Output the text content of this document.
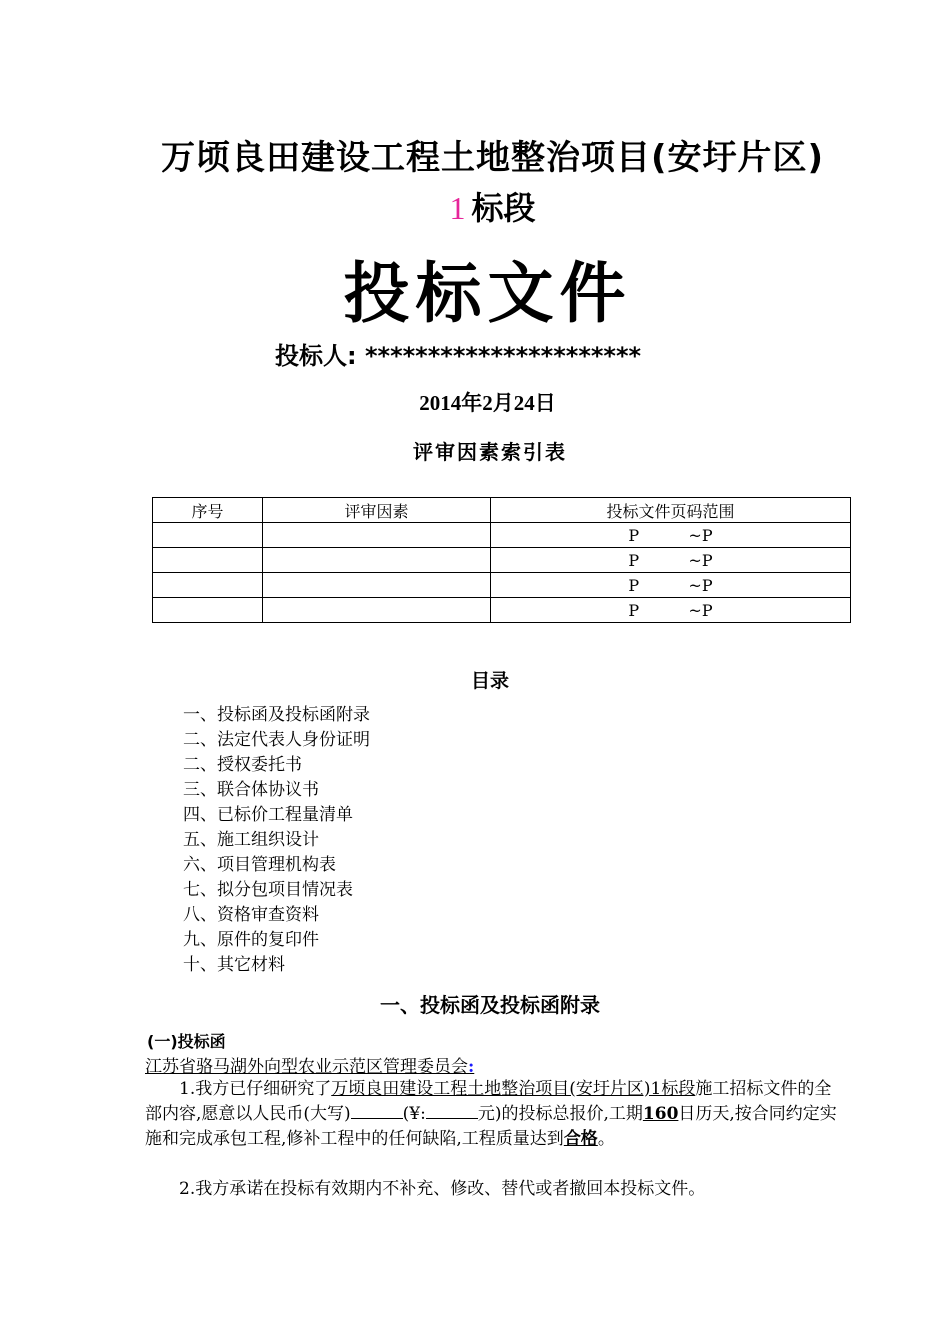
万顷良田建设工程土地整治项目(安圩片区)
1 标段
投标文件
投标人: **********************
2014年2月24日
评审因素索引表
序号	评审因素	投标文件页码范围
		P ~P
		P ~P
		P ~P
		P ~P
目录
一、投标函及投标函附录
二、法定代表人身份证明
二、授权委托书
三、联合体协议书
四、已标价工程量清单
五、施工组织设计
六、项目管理机构表
七、拟分包项目情况表
八、资格审查资料
九、原件的复印件
十、其它材料
一、投标函及投标函附录
(一)投标函
江苏省骆马湖外向型农业示范区管理委员会:
1.我方已仔细研究了万顷良田建设工程土地整治项目(安圩片区)1标段施工招标文件的全部内容,愿意以人民币(大写)	(¥:	元)的投标总报价,工期160日历天,按合同约定实施和完成承包工程,修补工程中的任何缺陷,工程质量达到合格。
2.我方承诺在投标有效期内不补充、修改、替代或者撤回本投标文件。
